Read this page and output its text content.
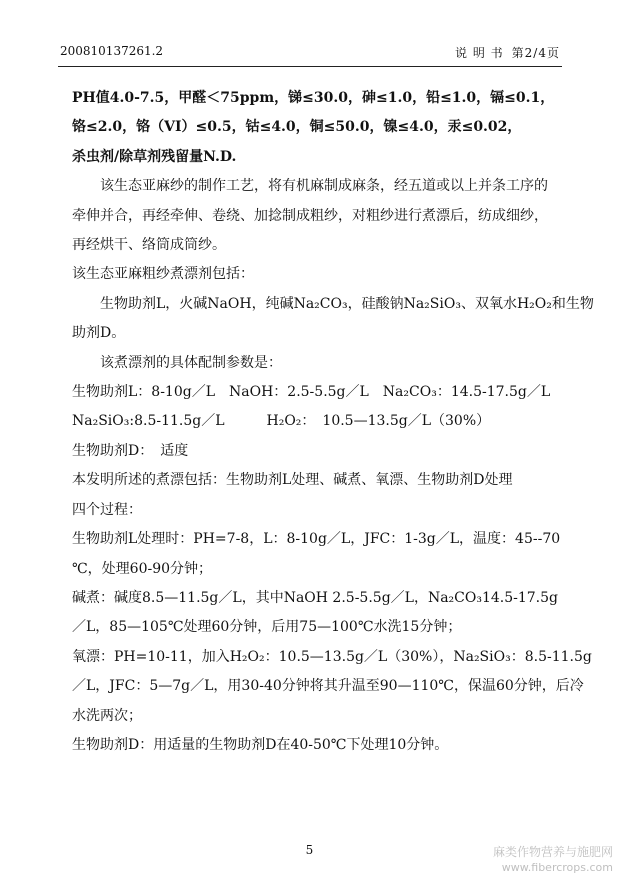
200810137261.2	说 明 书 第2/4页
PH值4.0-7.5，甲醛＜75ppm，锑≤30.0，砷≤1.0，铅≤1.0，镉≤0.1，
铬≤2.0，铬（VI）≤0.5，钴≤4.0，铜≤50.0，镍≤4.0，汞≤0.02，
杀虫剂/除草剂残留量N.D.
该生态亚麻纱的制作工艺，将有机麻制成麻条，经五道或以上并条工序的
牵伸并合，再经牵伸、卷绕、加捻制成粗纱，对粗纱进行煮漂后，纺成细纱，
再经烘干、络筒成筒纱。
该生态亚麻粗纱煮漂剂包括：
生物助剂L，火碱NaOH，纯碱Na₂CO₃，硅酸钠Na₂SiO₃、双氧水H₂O₂和生物
助剂D。
该煮漂剂的具体配制参数是：
生物助剂L：8-10g／L　NaOH：2.5-5.5g／L　Na₂CO₃：14.5-17.5g／L
Na₂SiO₃:8.5-11.5g／L　　　H₂O₂：　10.5—13.5g／L（30%）
生物助剂D：　适度
本发明所述的煮漂包括：生物助剂L处理、碱煮、氧漂、生物助剂D处理
四个过程：
生物助剂L处理时：PH=7-8，L：8-10g／L，JFC：1-3g／L，温度：45--70
℃，处理60-90分钟；
碱煮：碱度8.5—11.5g／L，其中NaOH 2.5-5.5g／L，Na₂CO₃14.5-17.5g
／L，85—105℃处理60分钟，后用75—100℃水洗15分钟；
氧漂：PH=10-11，加入H₂O₂：10.5—13.5g／L（30%），Na₂SiO₃：8.5-11.5g
／L，JFC：5—7g／L，用30-40分钟将其升温至90—110℃，保温60分钟，后冷
水洗两次；
生物助剂D：用适量的生物助剂D在40-50℃下处理10分钟。
5	麻类作物营养与施肥网
www.fibercrops.com
